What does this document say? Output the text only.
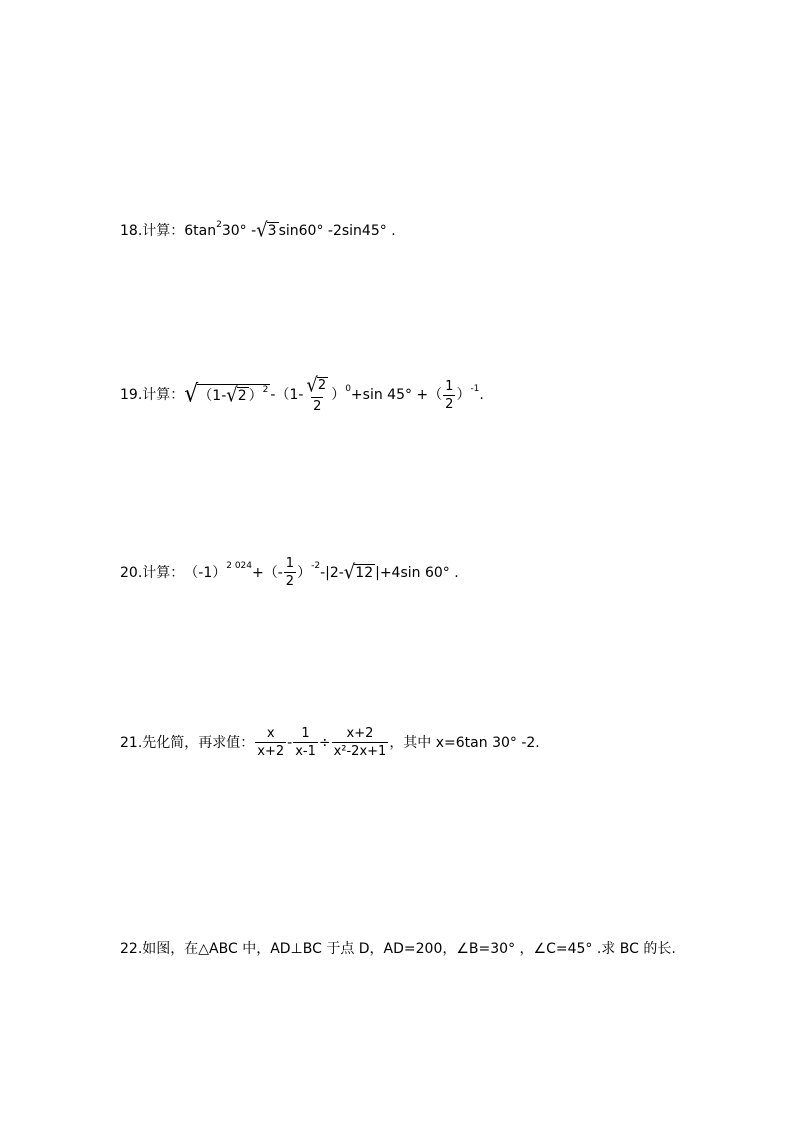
18. 计算： 6tan 2 30° - √ 3 sin60° -2sin45° .
19. 计算： √ （1- √ 2 ） 2 $-(1- \frac{√ 2}{2}$ ） 0 +sin 45° +（ $\frac{1}{2}$ ） -1 .
20. 计算： （-1） 2 024 +（- $\frac{1}{2}$ ） -2 -|2- √ 12 |+4sin 60° .
21. 先化简，再求值： $\frac{x}{x+2} - \frac{1}{x-1} \div \frac{x+2}{\text{x²-2x+1}}$ ，其中 x=6tan 30° -2.
22.如图，在△ABC 中，AD⊥BC 于点 D，AD=200，∠B=30° ，∠C=45° .求 BC 的长.
